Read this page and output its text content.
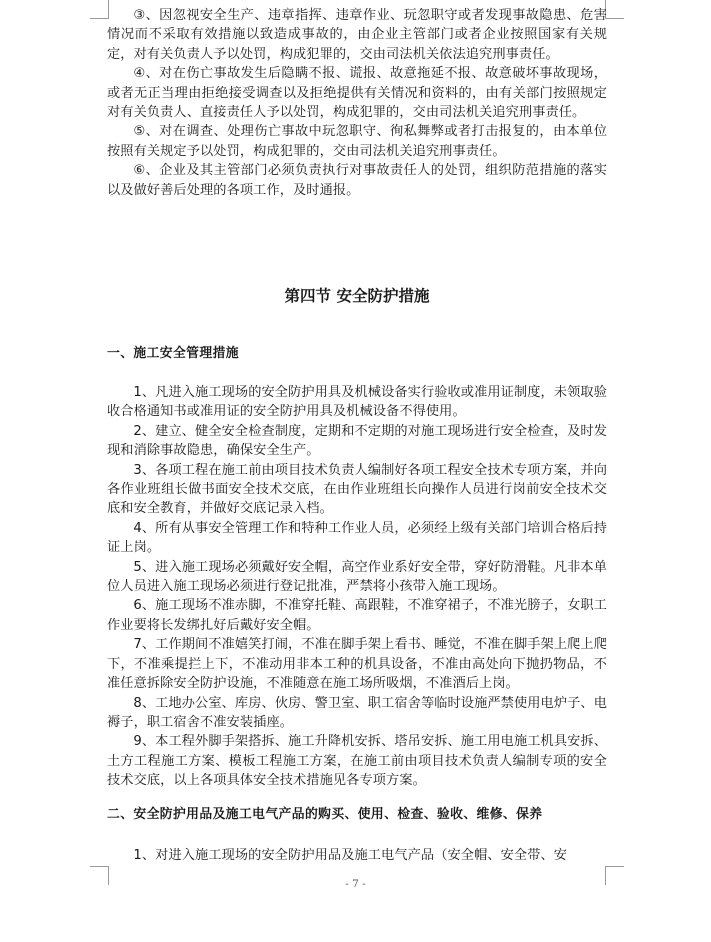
③、因忽视安全生产、违章指挥、违章作业、玩忽职守或者发现事故隐患、危害情况而不采取有效措施以致造成事故的，由企业主管部门或者企业按照国家有关规定，对有关负责人予以处罚，构成犯罪的，交由司法机关依法追究刑事责任。

④、对在伤亡事故发生后隐瞒不报、谎报、故意拖延不报、故意破坏事故现场，或者无正当理由拒绝接受调查以及拒绝提供有关情况和资料的，由有关部门按照规定对有关负责人、直接责任人予以处罚，构成犯罪的，交由司法机关追究刑事责任。

⑤、对在调查、处理伤亡事故中玩忽职守、徇私舞弊或者打击报复的，由本单位按照有关规定予以处罚，构成犯罪的，交由司法机关追究刑事责任。

⑥、企业及其主管部门必须负责执行对事故责任人的处罚，组织防范措施的落实以及做好善后处理的各项工作，及时通报。

第四节 安全防护措施
一、施工安全管理措施

1、凡进入施工现场的安全防护用具及机械设备实行验收或准用证制度，未领取验收合格通知书或准用证的安全防护用具及机械设备不得使用。

2、建立、健全安全检查制度，定期和不定期的对施工现场进行安全检查，及时发现和消除事故隐患，确保安全生产。

3、各项工程在施工前由项目技术负责人编制好各项工程安全技术专项方案，并向各作业班组长做书面安全技术交底，在由作业班组长向操作人员进行岗前安全技术交底和安全教育，并做好交底记录入档。

4、所有从事安全管理工作和特种工作业人员，必须经上级有关部门培训合格后持证上岗。

5、进入施工现场必须戴好安全帽，高空作业系好安全带，穿好防滑鞋。凡非本单位人员进入施工现场必须进行登记批准，严禁将小孩带入施工现场。

6、施工现场不准赤脚，不准穿托鞋、高跟鞋，不准穿裙子，不准光膀子，女职工作业要将长发绑扎好后戴好安全帽。

7、工作期间不准嬉笑打闹，不准在脚手架上看书、睡觉，不准在脚手架上爬上爬下，不准乘提拦上下，不准动用非本工种的机具设备，不准由高处向下抛扔物品，不准任意拆除安全防护设施，不准随意在施工场所吸烟，不准酒后上岗。

8、工地办公室、库房、伙房、警卫室、职工宿舍等临时设施严禁使用电炉子、电褥子，职工宿舍不准安装插座。

9、本工程外脚手架搭拆、施工升降机安拆、塔吊安拆、施工用电施工机具安拆、土方工程施工方案、模板工程施工方案，在施工前由项目技术负责人编制专项的安全技术交底，以上各项具体安全技术措施见各专项方案。

二、安全防护用品及施工电气产品的购买、使用、检查、验收、维修、保养

1、对进入施工现场的安全防护用品及施工电气产品（安全帽、安全带、安

- 7 -
